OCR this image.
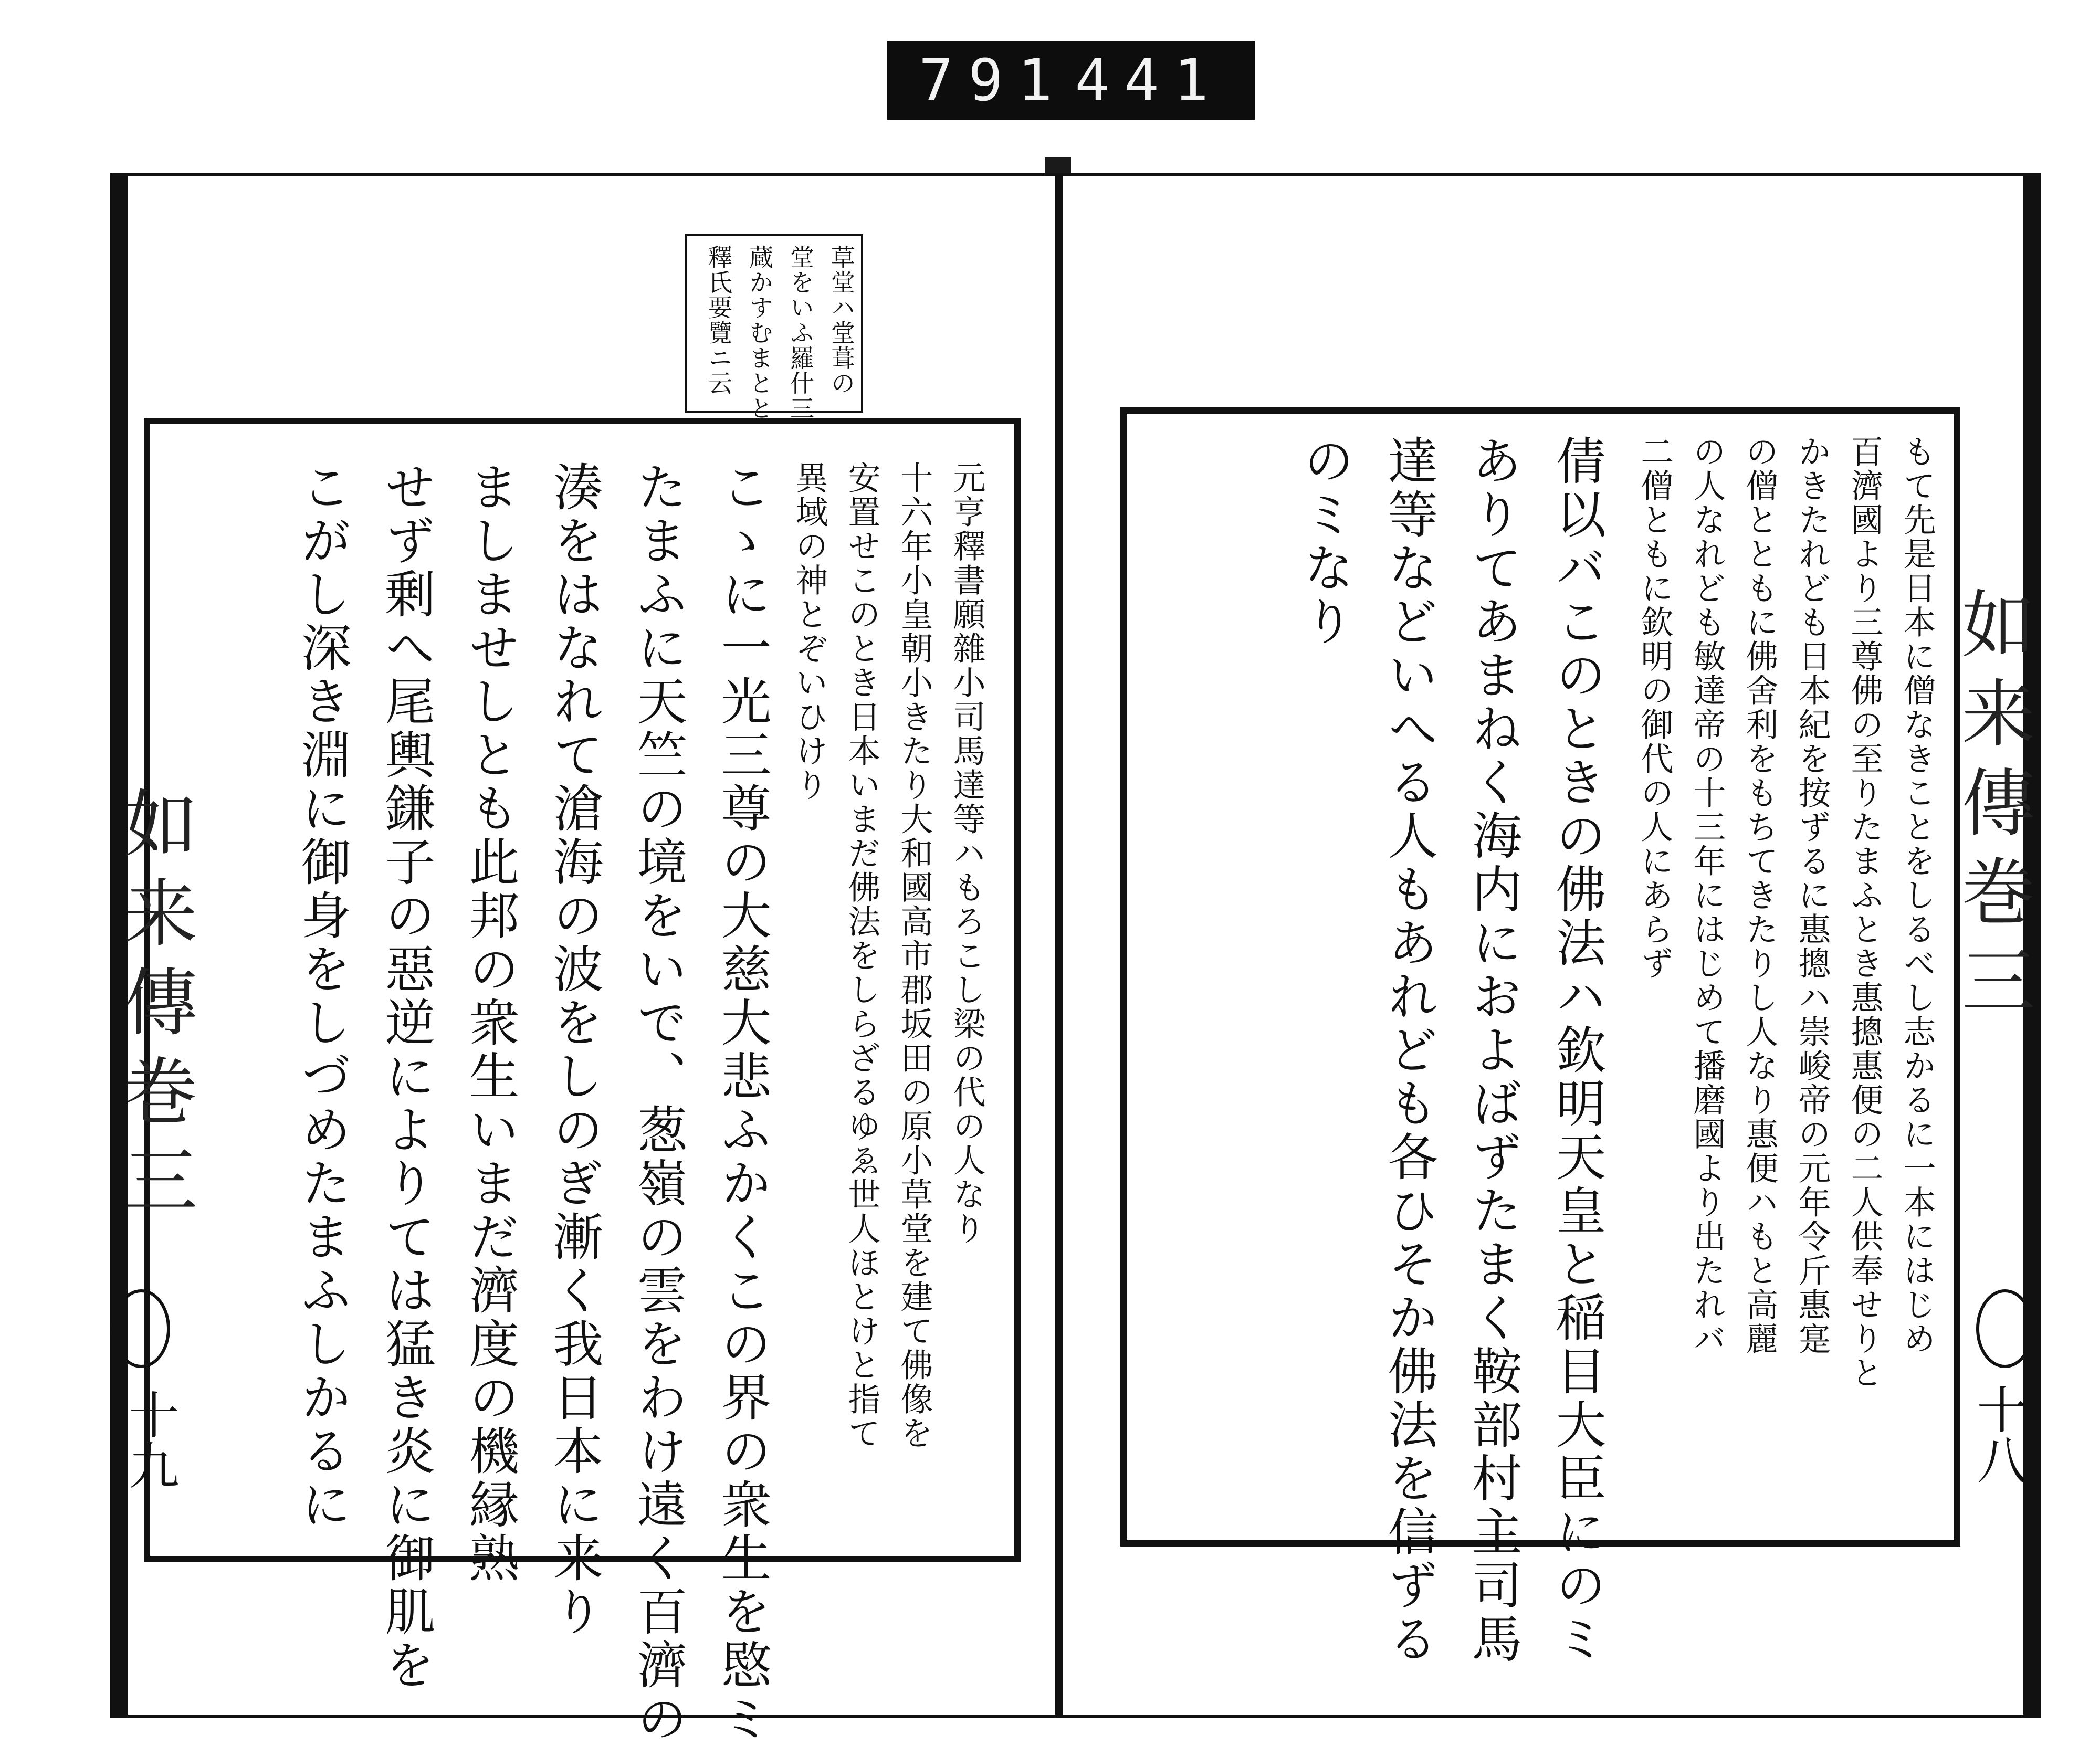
791 441
草堂ハ堂葺の
堂をいふ羅什三
蔵かすむまとと
釋氏要覽ニ云
元亨釋書願雜小司馬達等ハもろこし梁の代の人なり
十六年小皇朝小きたり大和國高市郡坂田の原小草堂を建て佛像を
安置せこのとき日本いまだ佛法をしらざるゆゑ世人ほとけと指て
異域の神とぞいひけり
こゝに一光三尊の大慈大悲ふかくこの界の衆生を愍ミ
たまふに天竺の境をいで、葱嶺の雲をわけ遠く百濟の
湊をはなれて滄海の波をしのぎ漸く我日本に来り
ましませしとも此邦の衆生いまだ濟度の機縁熟
せず剰へ尾輿鎌子の惡逆によりては猛き炎に御肌を
こがし深き淵に御身をしづめたまふしかるに
如来傳巻三
十九
もて先是日本に僧なきことをしるべし志かるに一本にはじめ
百濟國より三尊佛の至りたまふとき惠摠惠便の二人供奉せりと
かきたれども日本紀を按ずるに惠摠ハ崇峻帝の元年令斤惠寔
の僧とともに佛舍利をもちてきたりし人なり惠便ハもと高麗
の人なれども敏達帝の十三年にはじめて播磨國より出たれバ
二僧ともに欽明の御代の人にあらず
倩以バこのときの佛法ハ欽明天皇と稲目大臣にのミ
ありてあまねく海内におよばずたまく鞍部村主司馬
達等などいへる人もあれども各ひそか佛法を信ずる
のミなり
如来傳巻三
十八
